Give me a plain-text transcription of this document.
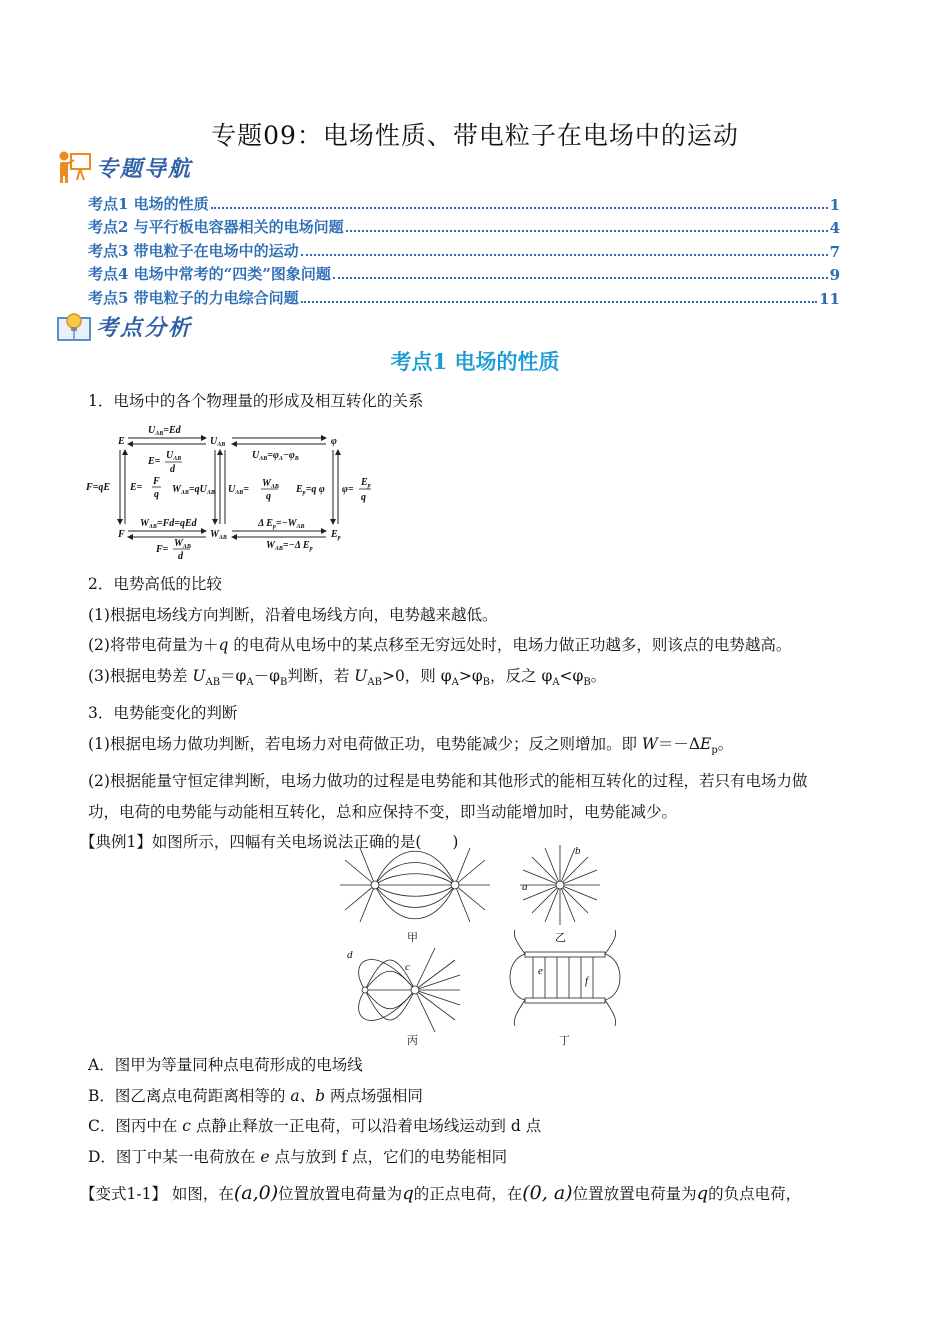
专题09：电场性质、带电粒子在电场中的运动
专题导航
考点1 电场的性质	1
考点2 与平行板电容器相关的电场问题	4
考点3 带电粒子在电场中的运动	7
考点4 电场中常考的“四类”图象问题	9
考点5 带电粒子的力电综合问题	11
考点分析
考点1 电场的性质
1．电场中的各个物理量的形成及相互转化的关系
E
F
$U_{AB}$
$W_{AB}$
φ
$E_p$
$U_{AB}=Ed$
$U_{AB}=\varphi_A-\varphi_B$
F=qE E=
F
q
E=
$U_{AB}$
d
$W_{AB}=qU_{AB}$ $U_{AB}=$
$W_{AB}$
q
$E_p=q$ φ φ=
$E_p$
q
$W_{AB}=Fd=qEd$
F=
$W_{AB}$
d
Δ $E_p=-W_{AB}$
$W_{AB}=-\Delta$ $E_p$
2．电势高低的比较
(1)根据电场线方向判断，沿着电场线方向，电势越来越低。
(2)将带电荷量为＋q 的电荷从电场中的某点移至无穷远处时，电场力做正功越多，则该点的电势越高。
(3)根据电势差 $U_{AB}=\varphi_A-\varphi_B$判断，若 $U_{AB}>0$，则 $\varphi_A>\varphi_B$，反之 $\varphi_A<\varphi_B$。
3．电势能变化的判断
(1)根据电场力做功判断，若电场力对电荷做正功，电势能减少；反之则增加。即 $W=-\Delta E_p$。
(2)根据能量守恒定律判断，电场力做功的过程是电势能和其他形式的能相互转化的过程，若只有电场力做
功，电荷的电势能与动能相互转化，总和应保持不变，即当动能增加时，电势能减少。
【典例1】如图所示，四幅有关电场说法正确的是(　　)
甲	乙
丙	丁
a
b
c
d
e
f
A．图甲为等量同种点电荷形成的电场线
B．图乙离点电荷距离相等的 a、b 两点场强相同
C．图丙中在 c 点静止释放一正电荷，可以沿着电场线运动到 d 点
D．图丁中某一电荷放在 e 点与放到 f 点，它们的电势能相同
【变式1-1】 如图，在(a,0)位置放置电荷量为q的正点电荷，在(0, a)位置放置电荷量为q的负点电荷，
